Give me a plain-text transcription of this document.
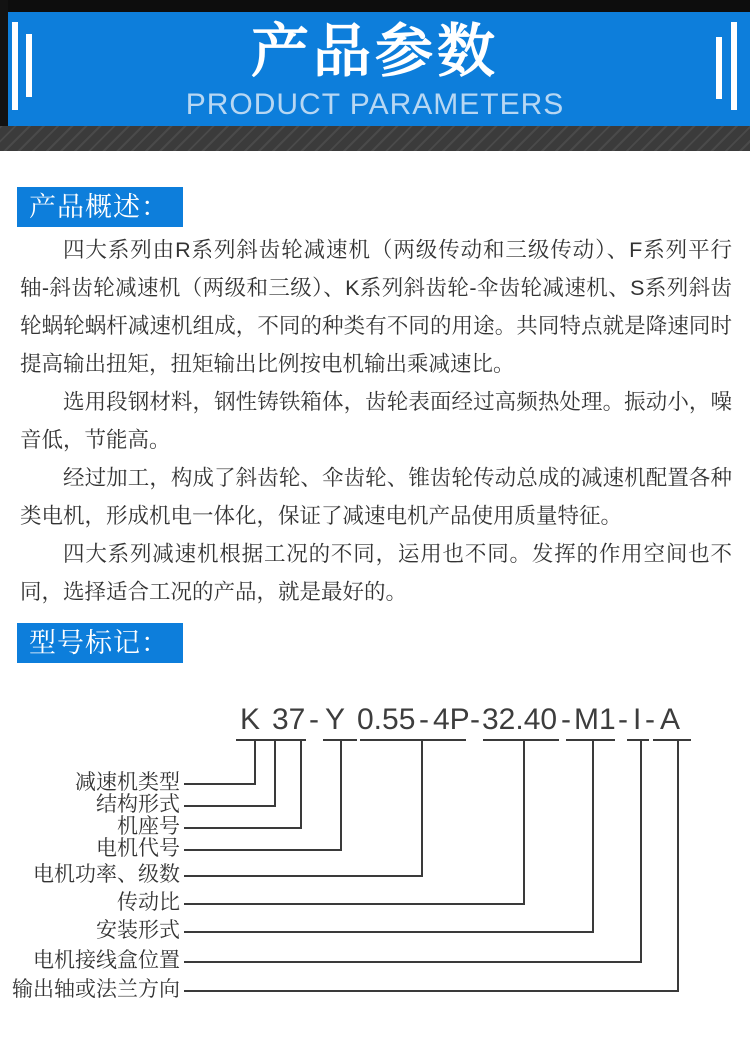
产品参数
PRODUCT PARAMETERS
产品概述：

四大系列由R系列斜齿轮减速机（两级传动和三级传动）、F系列平行轴-斜齿轮减速机（两级和三级）、K系列斜齿轮-伞齿轮减速机、S系列斜齿轮蜗轮蜗杆减速机组成，不同的种类有不同的用途。共同特点就是降速同时提高输出扭矩，扭矩输出比例按电机输出乘减速比。

选用段钢材料，钢性铸铁箱体，齿轮表面经过高频热处理。振动小，噪音低，节能高。

经过加工，构成了斜齿轮、伞齿轮、锥齿轮传动总成的减速机配置各种类电机，形成机电一体化，保证了减速电机产品使用质量特征。

四大系列减速机根据工况的不同，运用也不同。发挥的作用空间也不同，选择适合工况的产品，就是最好的。

型号标记：
K 37 - Y 0.55 - 4P - 32.40 - M1 - I - A
减速机类型
结构形式
机座号
电机代号
电机功率、级数
传动比
安装形式
电机接线盒位置
输出轴或法兰方向
